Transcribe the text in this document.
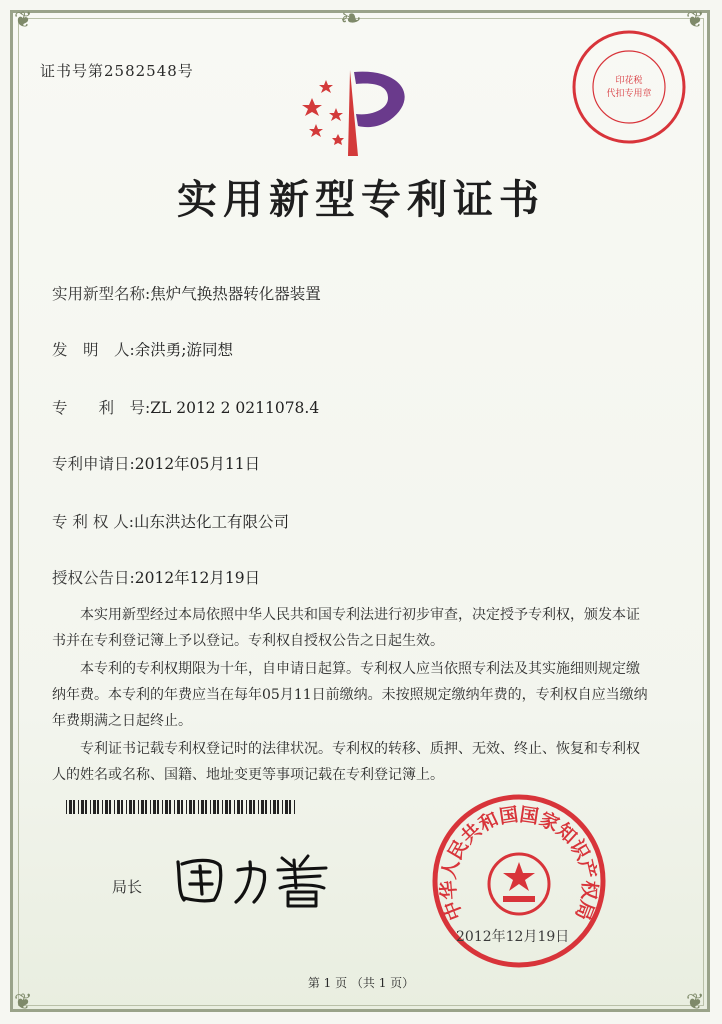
❦	❦
❦	❦
❧
证书号第2582548号
印花税
代扣专用章
实用新型专利证书
实用新型名称:焦炉气换热器转化器装置
发　明　人:余洪勇;游同想
专　　利　号:ZL 2012 2 0211078.4
专利申请日:2012年05月11日
专 利 权 人:山东洪达化工有限公司
授权公告日:2012年12月19日

本实用新型经过本局依照中华人民共和国专利法进行初步审查，决定授予专利权，颁发本证书并在专利登记簿上予以登记。专利权自授权公告之日起生效。

本专利的专利权期限为十年，自申请日起算。专利权人应当依照专利法及其实施细则规定缴纳年费。本专利的年费应当在每年05月11日前缴纳。未按照规定缴纳年费的，专利权自应当缴纳年费期满之日起终止。

专利证书记载专利权登记时的法律状况。专利权的转移、质押、无效、终止、恢复和专利权人的姓名或名称、国籍、地址变更等事项记载在专利登记簿上。

局长
中华人民共和国国家知识产权局
2012年12月19日
第 1 页 （共 1 页）
